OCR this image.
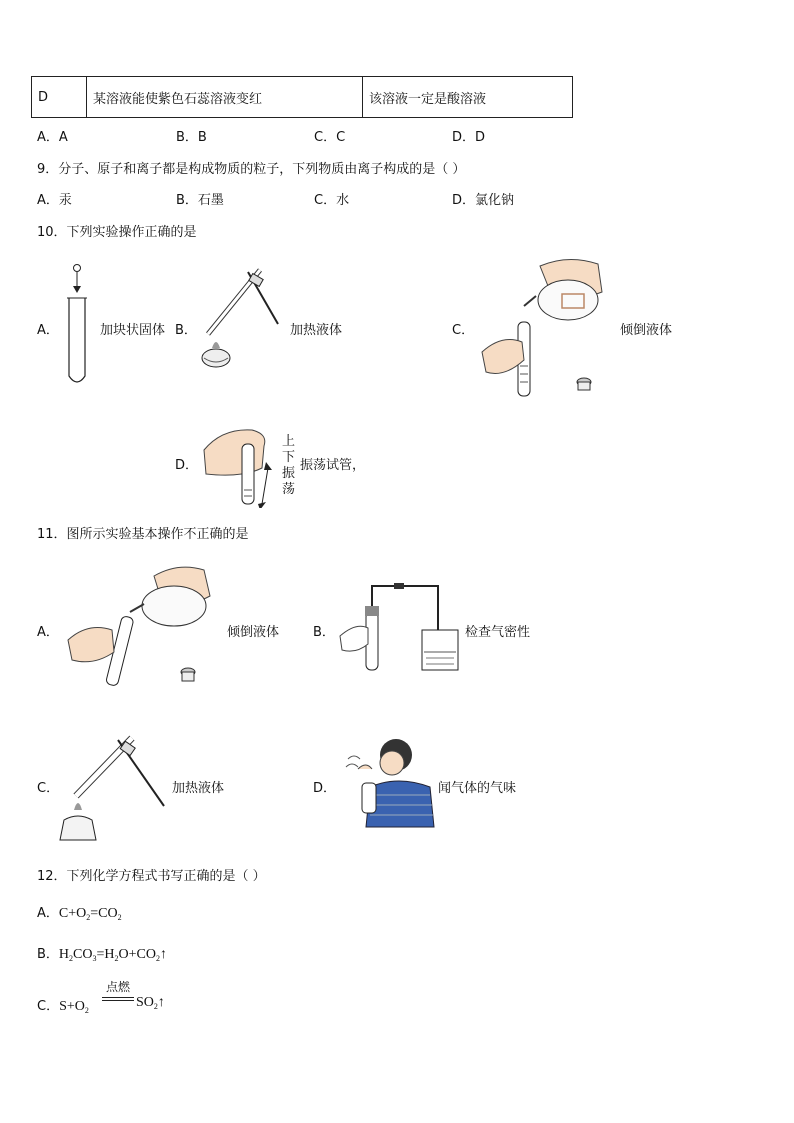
D	某溶液能使紫色石蕊溶液变红	该溶液一定是酸溶液
A．A	B．B	C．C	D．D
9．分子、原子和离子都是构成物质的粒子，下列物质由离子构成的是（ ）
A．汞	B．石墨	C．水	D．氯化钠
10．下列实验操作正确的是
A．	加块状固体 B．	加热液体	C．	倾倒液体
D．
上
下
振
荡
振荡试管，
11．图所示实验基本操作不正确的是
A．	倾倒液体	B．	检查气密性
C．	加热液体	D．	闻气体的气味
12．下列化学方程式书写正确的是（ ）
A．$C+O_2=CO_2$
B．$H_2CO_3=H_2O+CO_2↑$
C．$S+O_2$
点燃
$SO_2↑$
